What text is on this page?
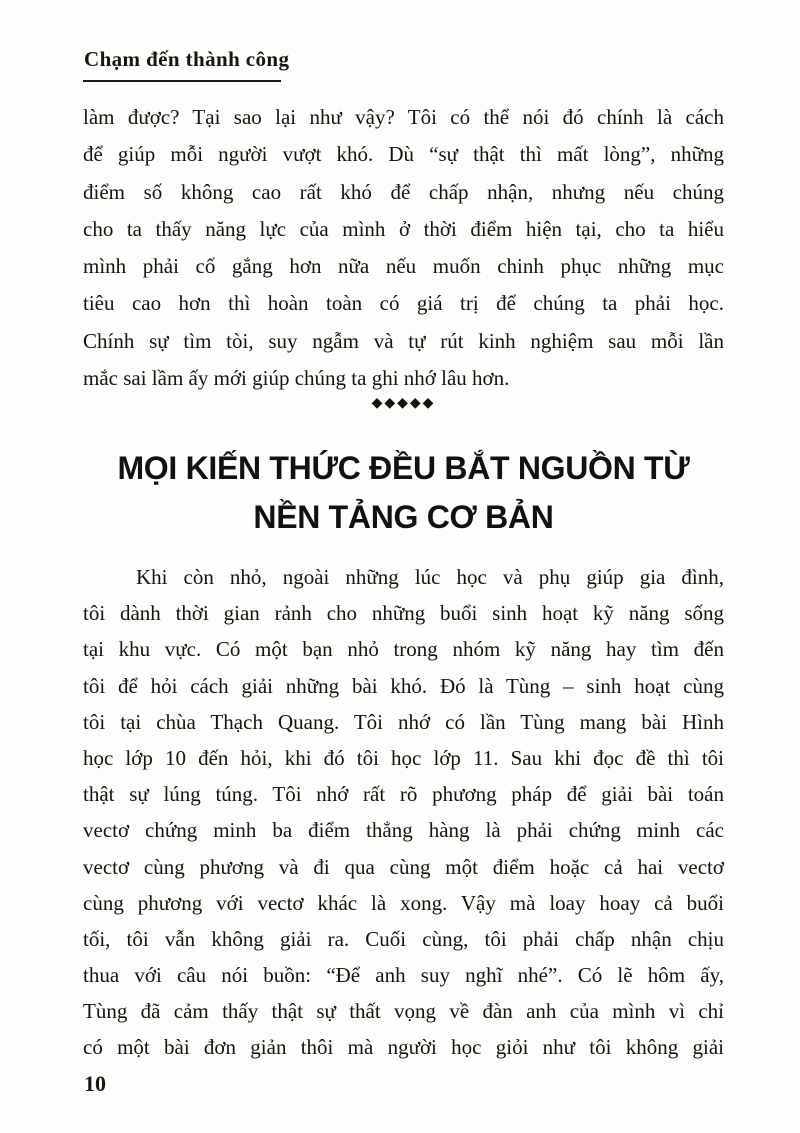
Chạm đến thành công
làm được? Tại sao lại như vậy? Tôi có thể nói đó chính là cách
để giúp mỗi người vượt khó. Dù “sự thật thì mất lòng”, những
điểm số không cao rất khó để chấp nhận, nhưng nếu chúng
cho ta thấy năng lực của mình ở thời điểm hiện tại, cho ta hiểu
mình phải cố gắng hơn nữa nếu muốn chinh phục những mục
tiêu cao hơn thì hoàn toàn có giá trị để chúng ta phải học.
Chính sự tìm tòi, suy ngẫm và tự rút kinh nghiệm sau mỗi lần
mắc sai lầm ấy mới giúp chúng ta ghi nhớ lâu hơn.
◆◆◆◆◆
MỌI KIẾN THỨC ĐỀU BẮT NGUỒN TỪ
NỀN TẢNG CƠ BẢN
Khi còn nhỏ, ngoài những lúc học và phụ giúp gia đình,
tôi dành thời gian rảnh cho những buổi sinh hoạt kỹ năng sống
tại khu vực. Có một bạn nhỏ trong nhóm kỹ năng hay tìm đến
tôi để hỏi cách giải những bài khó. Đó là Tùng – sinh hoạt cùng
tôi tại chùa Thạch Quang. Tôi nhớ có lần Tùng mang bài Hình
học lớp 10 đến hỏi, khi đó tôi học lớp 11. Sau khi đọc đề thì tôi
thật sự lúng túng. Tôi nhớ rất rõ phương pháp để giải bài toán
vectơ chứng minh ba điểm thẳng hàng là phải chứng minh các
vectơ cùng phương và đi qua cùng một điểm hoặc cả hai vectơ
cùng phương với vectơ khác là xong. Vậy mà loay hoay cả buổi
tối, tôi vẫn không giải ra. Cuối cùng, tôi phải chấp nhận chịu
thua với câu nói buồn: “Để anh suy nghĩ nhé”. Có lẽ hôm ấy,
Tùng đã cảm thấy thật sự thất vọng về đàn anh của mình vì chỉ
có một bài đơn giản thôi mà người học giỏi như tôi không giải
10
